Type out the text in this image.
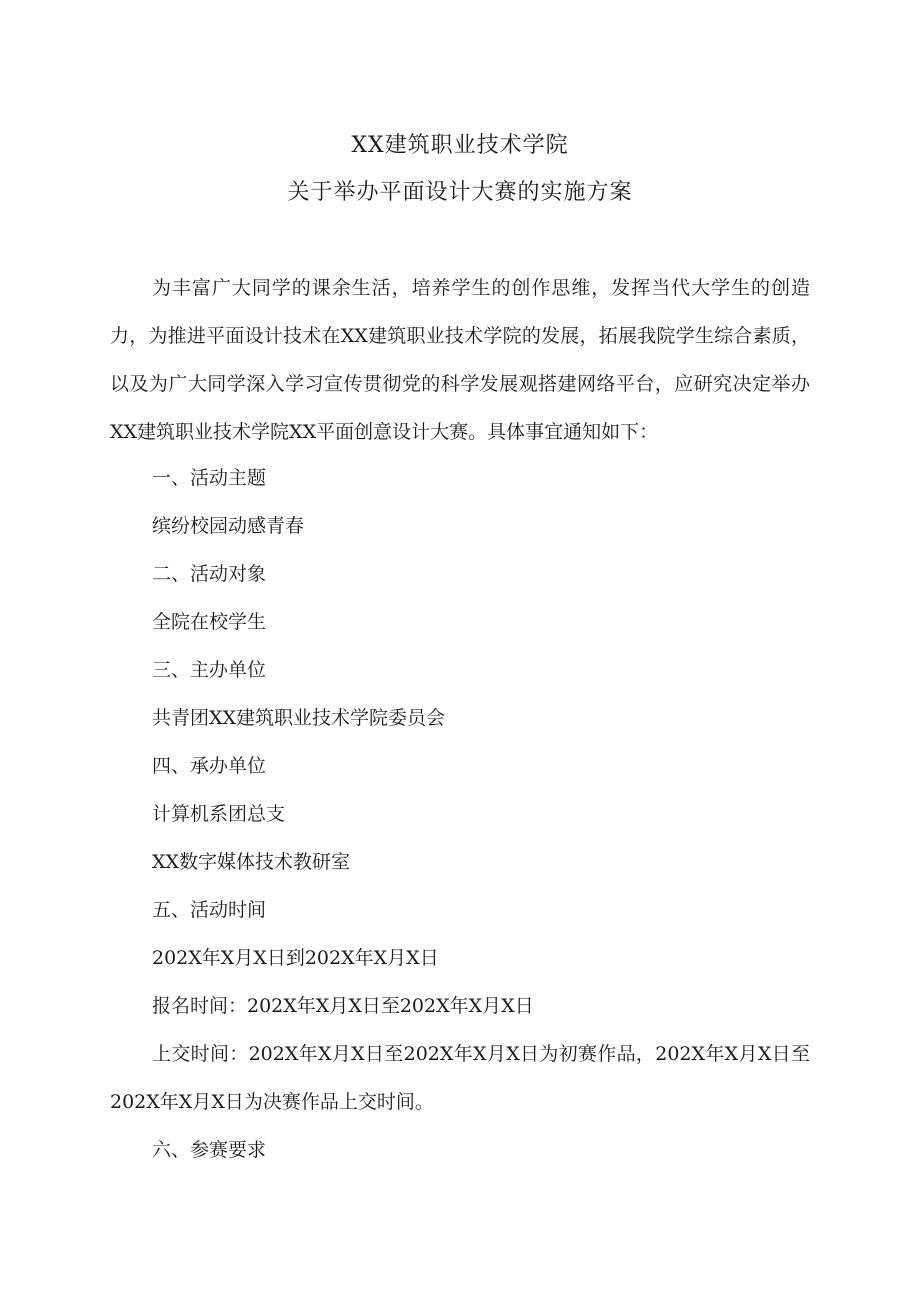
XX建筑职业技术学院
关于举办平面设计大赛的实施方案

为丰富广大同学的课余生活，培养学生的创作思维，发挥当代大学生的创造力，为推进平面设计技术在XX建筑职业技术学院的发展，拓展我院学生综合素质，以及为广大同学深入学习宣传贯彻党的科学发展观搭建网络平台，应研究决定举办XX建筑职业技术学院XX平面创意设计大赛。具体事宜通知如下：

一、活动主题
缤纷校园动感青春
二、活动对象
全院在校学生
三、主办单位
共青团XX建筑职业技术学院委员会
四、承办单位
计算机系团总支
XX数字媒体技术教研室
五、活动时间
202X年X月X日到202X年X月X日
报名时间：202X年X月X日至202X年X月X日

上交时间：202X年X月X日至202X年X月X日为初赛作品，202X年X月X日至202X年X月X日为决赛作品上交时间。

六、参赛要求
